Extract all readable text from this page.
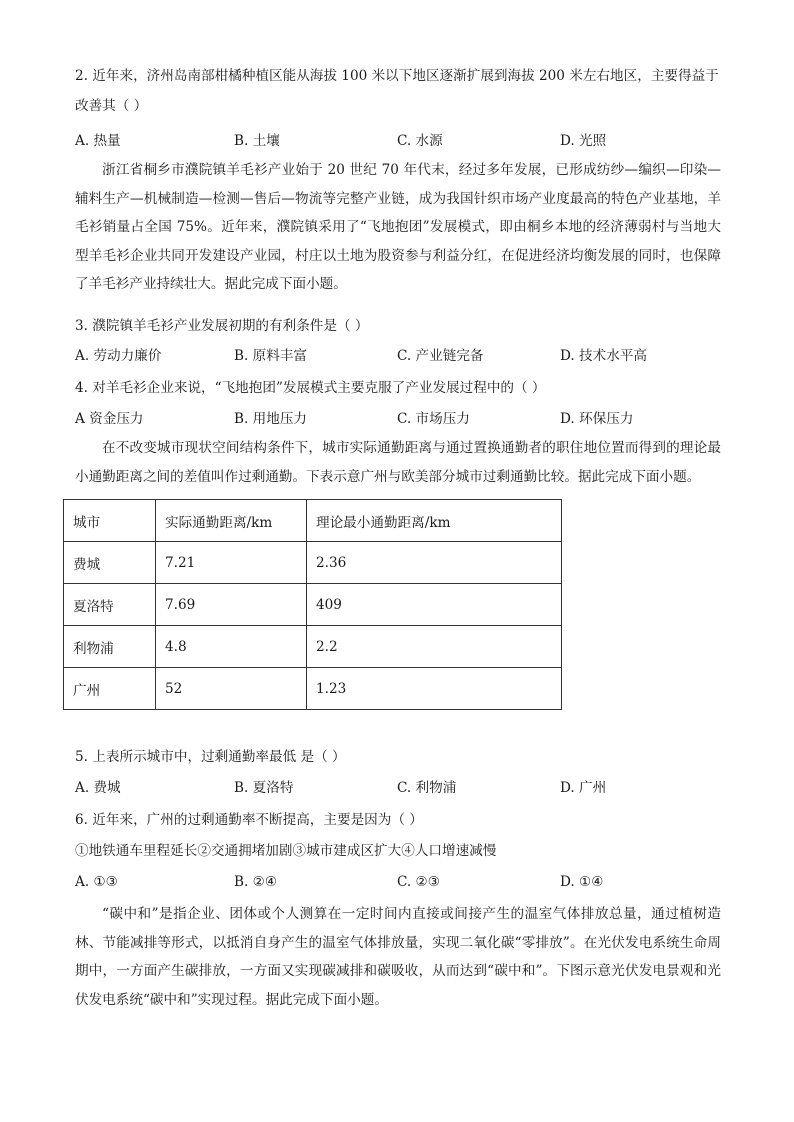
2. 近年来，济州岛南部柑橘种植区能从海拔 100 米以下地区逐渐扩展到海拔 200 米左右地区，主要得益于
改善其（ ）
A. 热量	B. 土壤	C. 水源	D. 光照
浙江省桐乡市濮院镇羊毛衫产业始于 20 世纪 70 年代末，经过多年发展，已形成纺纱—编织—印染—辅料生产—机械制造—检测—售后—物流等完整产业链，成为我国针织市场产业度最高的特色产业基地，羊毛衫销量占全国 75%。近年来，濮院镇采用了“飞地抱团”发展模式，即由桐乡本地的经济薄弱村与当地大型羊毛衫企业共同开发建设产业园，村庄以土地为股资参与利益分红，在促进经济均衡发展的同时，也保障了羊毛衫产业持续壮大。据此完成下面小题。
3. 濮院镇羊毛衫产业发展初期的有利条件是（ ）
A. 劳动力廉价	B. 原料丰富	C. 产业链完备	D. 技术水平高
4. 对羊毛衫企业来说，“飞地抱团”发展模式主要克服了产业发展过程中的（ ）
A 资金压力	B. 用地压力	C. 市场压力	D. 环保压力
在不改变城市现状空间结构条件下，城市实际通勤距离与通过置换通勤者的职住地位置而得到的理论最小通勤距离之间的差值叫作过剩通勤。下表示意广州与欧美部分城市过剩通勤比较。据此完成下面小题。
城市	实际通勤距离/km	理论最小通勤距离/km
费城	7.21	2.36
夏洛特	7.69	409
利物浦	4.8	2.2
广州	52	1.23
5. 上表所示城市中，过剩通勤率最低 是（ ）
A. 费城	B. 夏洛特	C. 利物浦	D. 广州
6. 近年来，广州的过剩通勤率不断提高，主要是因为（ ）
①地铁通车里程延长②交通拥堵加剧③城市建成区扩大④人口增速减慢
A. ①③	B. ②④	C. ②③	D. ①④
“碳中和”是指企业、团体或个人测算在一定时间内直接或间接产生的温室气体排放总量，通过植树造林、节能减排等形式，以抵消自身产生的温室气体排放量，实现二氧化碳“零排放”。在光伏发电系统生命周期中，一方面产生碳排放，一方面又实现碳减排和碳吸收，从而达到“碳中和”。下图示意光伏发电景观和光伏发电系统“碳中和”实现过程。据此完成下面小题。
